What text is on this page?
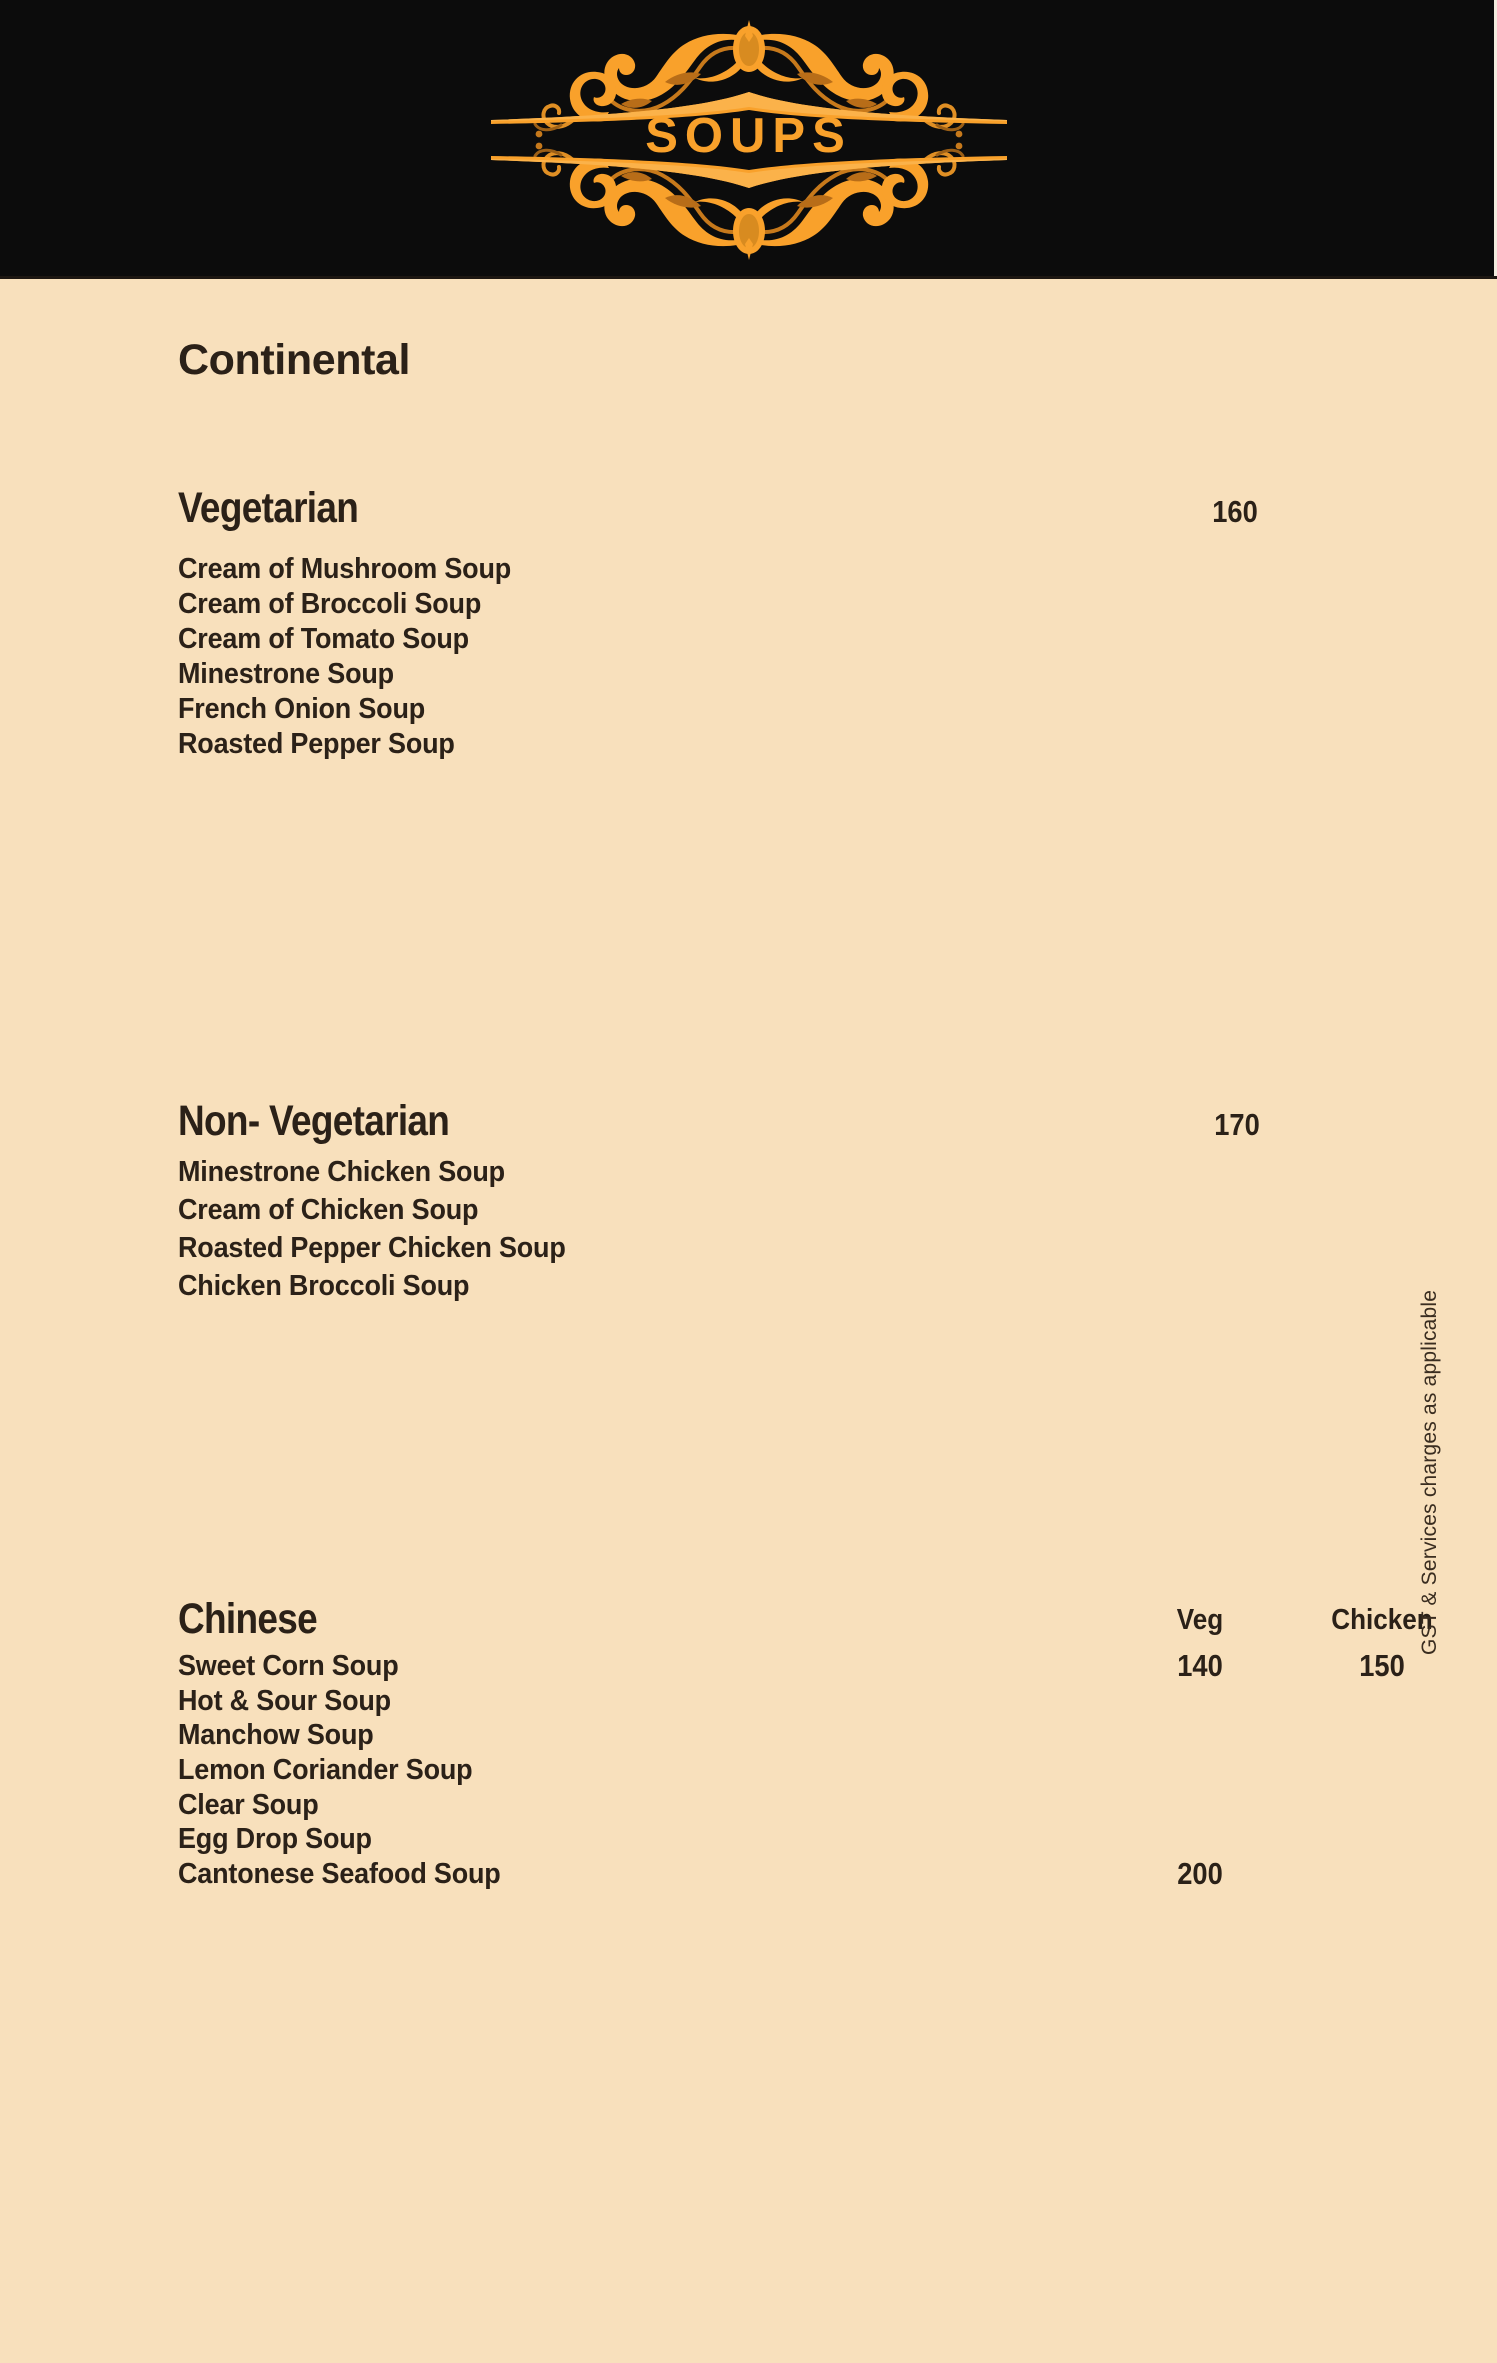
SOUPS
Continental
Vegetarian	160
Cream of Mushroom Soup
Cream of Broccoli Soup
Cream of Tomato Soup
Minestrone Soup
French Onion Soup
Roasted Pepper Soup
Non- Vegetarian	170
Minestrone Chicken Soup
Cream of Chicken Soup
Roasted Pepper Chicken Soup
Chicken Broccoli Soup
Chinese	Veg	Chicken
Sweet Corn Soup	140	150
Hot & Sour Soup
Manchow Soup
Lemon Coriander Soup
Clear Soup
Egg Drop Soup
Cantonese Seafood Soup	200
GST & Services charges as applicable
